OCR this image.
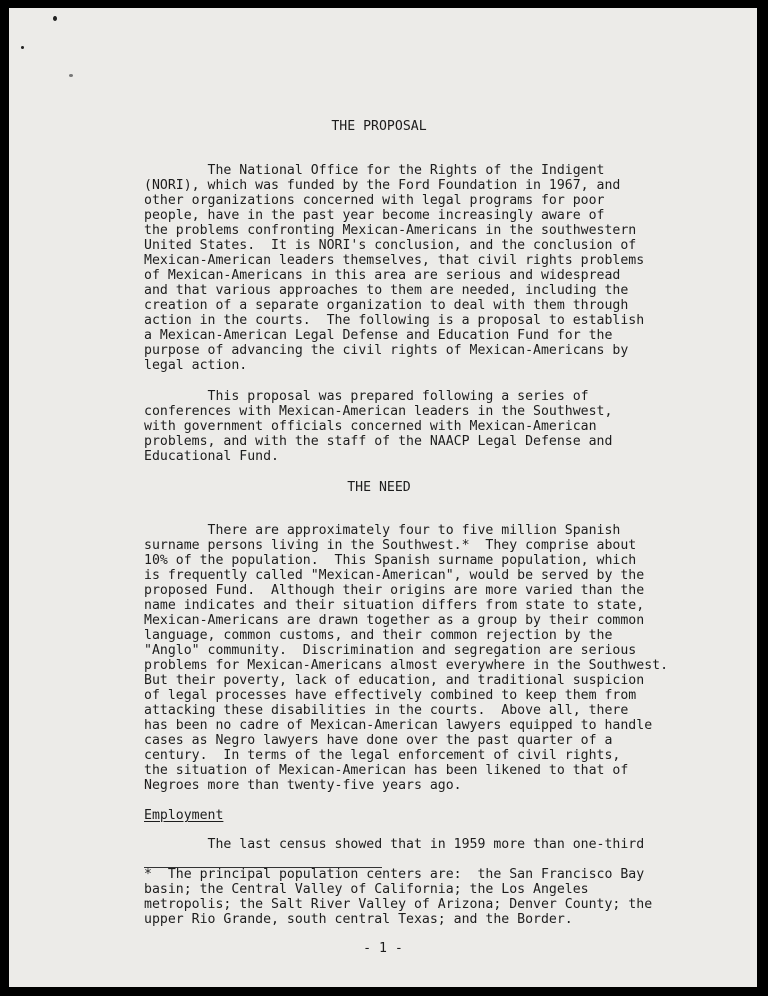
THE PROPOSAL
The National Office for the Rights of the Indigent
(NORI), which was funded by the Ford Foundation in 1967, and
other organizations concerned with legal programs for poor
people, have in the past year become increasingly aware of
the problems confronting Mexican-Americans in the southwestern
United States.  It is NORI's conclusion, and the conclusion of
Mexican-American leaders themselves, that civil rights problems
of Mexican-Americans in this area are serious and widespread
and that various approaches to them are needed, including the
creation of a separate organization to deal with them through
action in the courts.  The following is a proposal to establish
a Mexican-American Legal Defense and Education Fund for the
purpose of advancing the civil rights of Mexican-Americans by
legal action.
This proposal was prepared following a series of
conferences with Mexican-American leaders in the Southwest,
with government officials concerned with Mexican-American
problems, and with the staff of the NAACP Legal Defense and
Educational Fund.
THE NEED
There are approximately four to five million Spanish
surname persons living in the Southwest.*  They comprise about
10% of the population.  This Spanish surname population, which
is frequently called "Mexican-American", would be served by the
proposed Fund.  Although their origins are more varied than the
name indicates and their situation differs from state to state,
Mexican-Americans are drawn together as a group by their common
language, common customs, and their common rejection by the
"Anglo" community.  Discrimination and segregation are serious
problems for Mexican-Americans almost everywhere in the Southwest.
But their poverty, lack of education, and traditional suspicion
of legal processes have effectively combined to keep them from
attacking these disabilities in the courts.  Above all, there
has been no cadre of Mexican-American lawyers equipped to handle
cases as Negro lawyers have done over the past quarter of a
century.  In terms of the legal enforcement of civil rights,
the situation of Mexican-American has been likened to that of
Negroes more than twenty-five years ago.
Employment
The last census showed that in 1959 more than one-third
*  The principal population centers are:  the San Francisco Bay
basin; the Central Valley of California; the Los Angeles
metropolis; the Salt River Valley of Arizona; Denver County; the
upper Rio Grande, south central Texas; and the Border.
- 1 -
